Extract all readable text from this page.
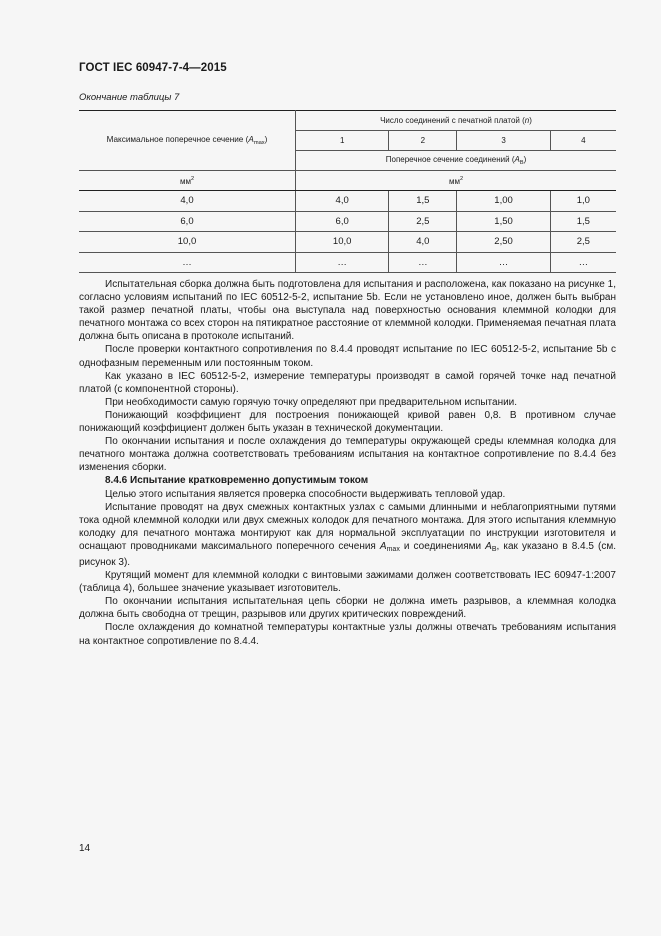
ГОСТ IEC 60947-7-4—2015
Окончание таблицы 7
Максимальное поперечное сечение $(A_{max})$	Число соединений с печатной платой (n)			
	1	2	3	4
	Поперечное сечение соединений $(A_B)$			
$мм^2$	$мм^2$
4,0	4,0	1,5	1,00	1,0
6,0	6,0	2,5	1,50	1,5
10,0	10,0	4,0	2,50	2,5
…	…	…	…	…

Испытательная сборка должна быть подготовлена для испытания и расположена, как показано на рисунке 1, согласно условиям испытаний по IEC 60512-5-2, испытание 5b. Если не установлено иное, должен быть выбран такой размер печатной платы, чтобы она выступала над поверхностью основания клеммной колодки для печатного монтажа со всех сторон на пятикратное расстояние от клеммной колодки. Применяемая печатная плата должна быть описана в протоколе испытаний.

После проверки контактного сопротивления по 8.4.4 проводят испытание по IEC 60512-5-2, испытание 5b с однофазным переменным или постоянным током.

Как указано в IEC 60512-5-2, измерение температуры производят в самой горячей точке над печатной платой (с компонентной стороны).

При необходимости самую горячую точку определяют при предварительном испытании.

Понижающий коэффициент для построения понижающей кривой равен 0,8. В противном случае понижающий коэффициент должен быть указан в технической документации.

По окончании испытания и после охлаждения до температуры окружающей среды клеммная колодка для печатного монтажа должна соответствовать требованиям испытания на контактное сопротивление по 8.4.4 без изменения сборки.

8.4.6 Испытание кратковременно допустимым током

Целью этого испытания является проверка способности выдерживать тепловой удар.

Испытание проводят на двух смежных контактных узлах с самыми длинными и неблагоприятными путями тока одной клеммной колодки или двух смежных колодок для печатного монтажа. Для этого испытания клеммную колодку для печатного монтажа монтируют как для нормальной эксплуатации по инструкции изготовителя и оснащают проводниками максимального поперечного сечения $A_{max}$ и соединениями $A_B$, как указано в 8.4.5 (см. рисунок 3).

Крутящий момент для клеммной колодки с винтовыми зажимами должен соответствовать IEC 60947-1:2007 (таблица 4), большее значение указывает изготовитель.

По окончании испытания испытательная цепь сборки не должна иметь разрывов, а клеммная колодка должна быть свободна от трещин, разрывов или других критических повреждений.

После охлаждения до комнатной температуры контактные узлы должны отвечать требованиям испытания на контактное сопротивление по 8.4.4.

14
